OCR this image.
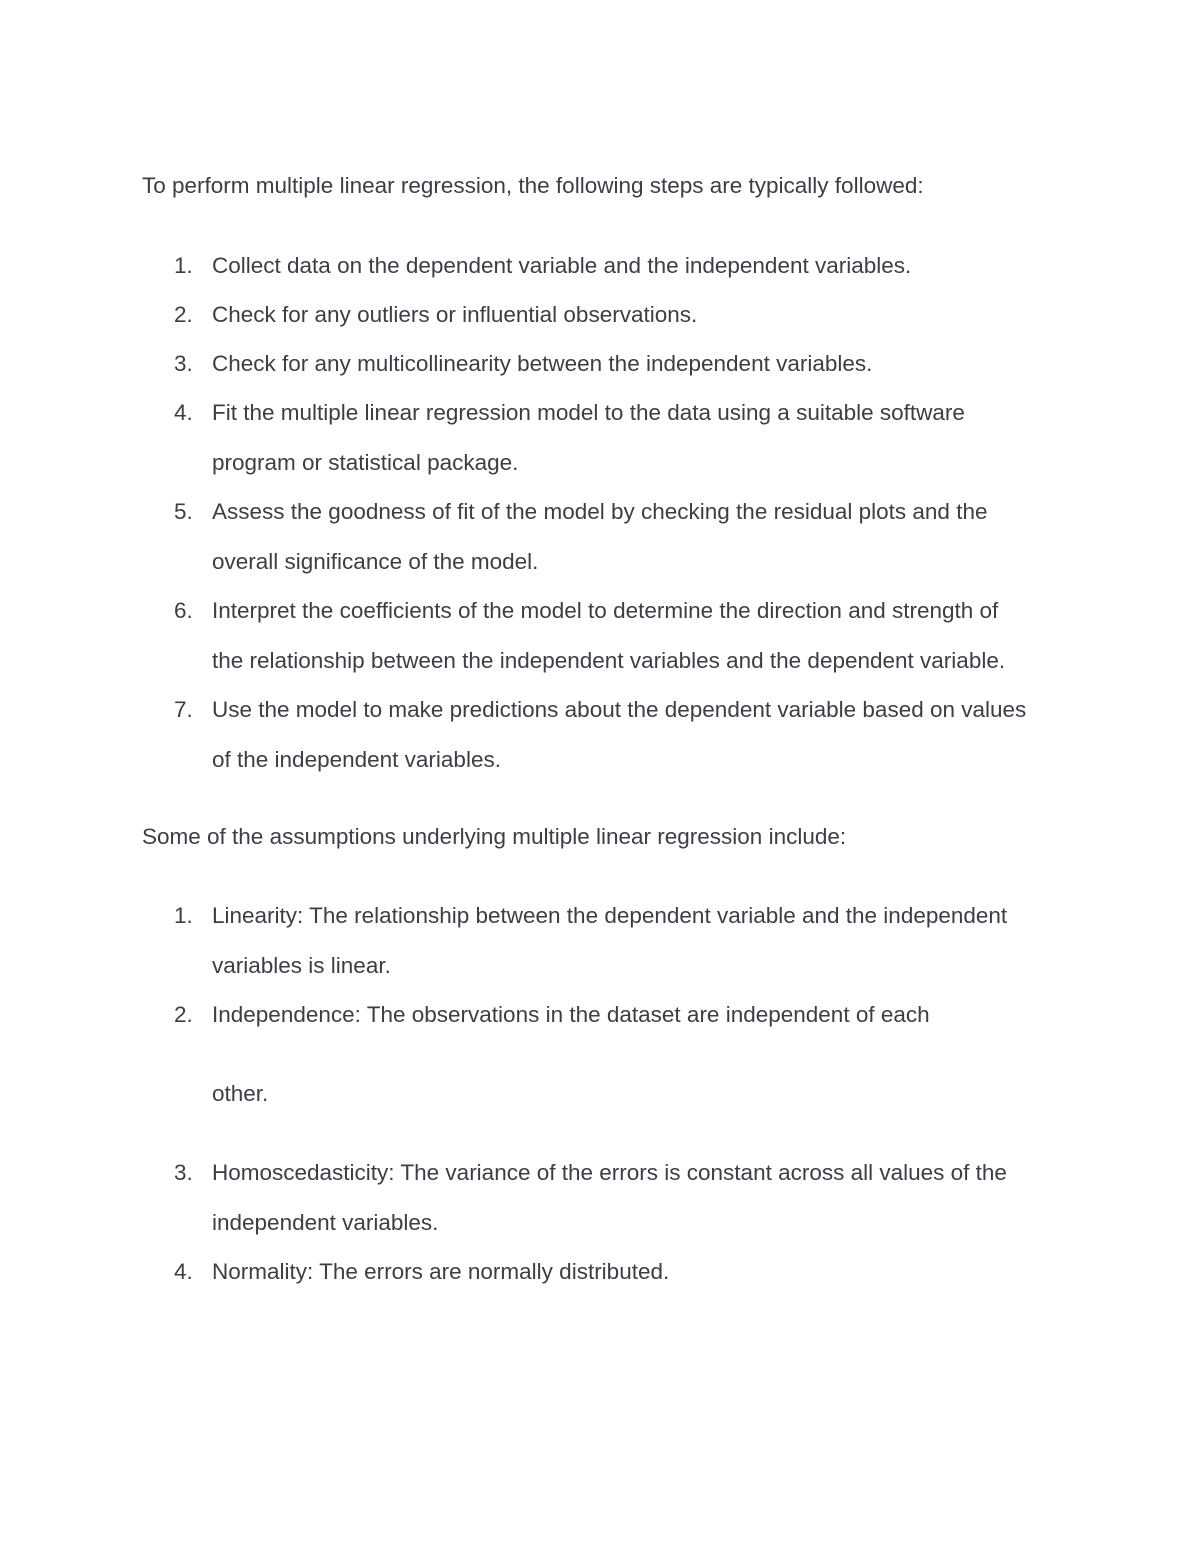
To perform multiple linear regression, the following steps are typically followed:

1. Collect data on the dependent variable and the independent variables.
2. Check for any outliers or influential observations.
3. Check for any multicollinearity between the independent variables.
4. Fit the multiple linear regression model to the data using a suitable software
program or statistical package.
5. Assess the goodness of fit of the model by checking the residual plots and the
overall significance of the model.
6. Interpret the coefficients of the model to determine the direction and strength of
the relationship between the independent variables and the dependent variable.
7. Use the model to make predictions about the dependent variable based on values
of the independent variables.

Some of the assumptions underlying multiple linear regression include:

1. Linearity: The relationship between the dependent variable and the independent
variables is linear.
2. Independence: The observations in the dataset are independent of each
other.
3. Homoscedasticity: The variance of the errors is constant across all values of the
independent variables.
4. Normality: The errors are normally distributed.
